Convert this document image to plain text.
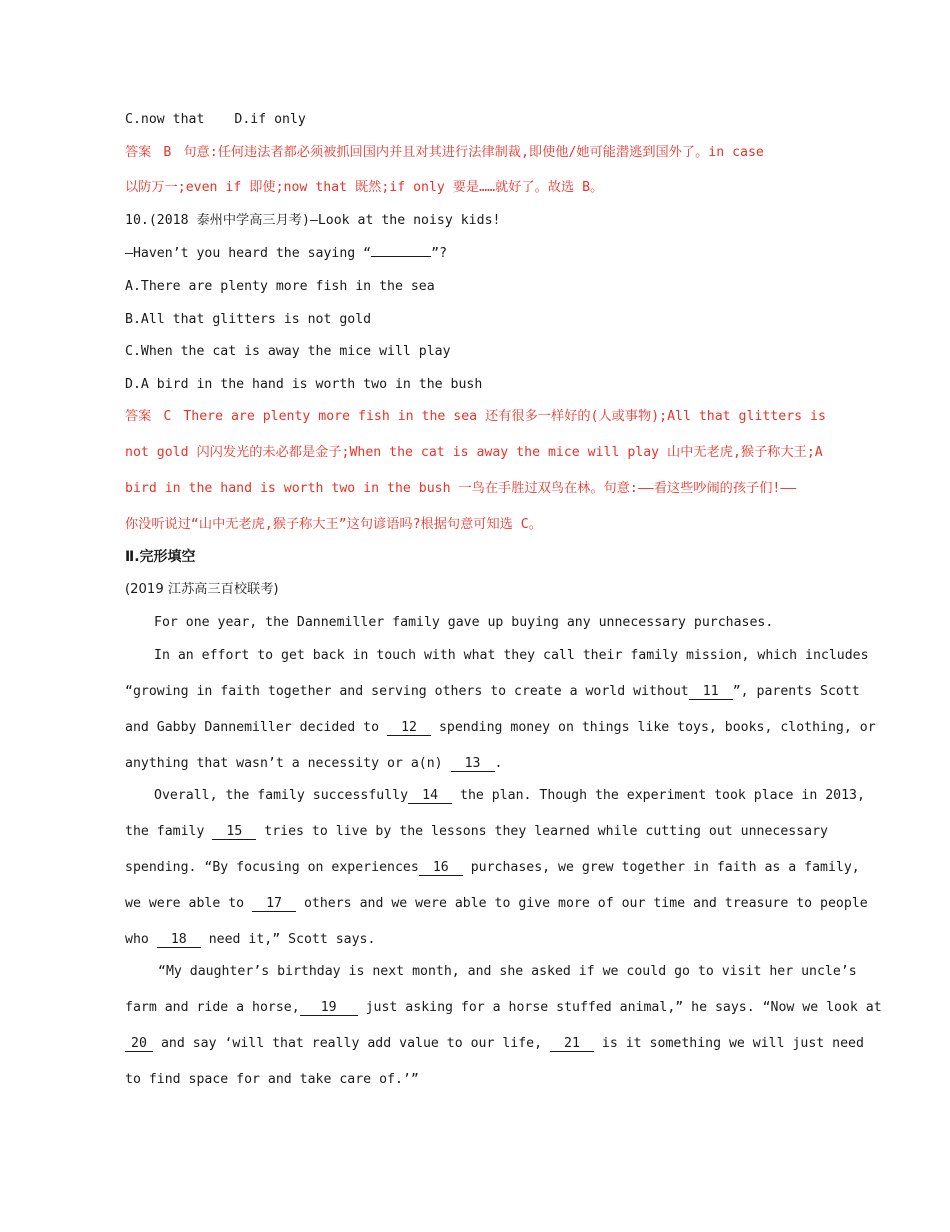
C.now that D.if only
答案 B 句意:任何违法者都必须被抓回国内并且对其进行法律制裁,即使他/她可能潜逃到国外了。in case
以防万一;even if 即使;now that 既然;if only 要是……就好了。故选 B。
10.(2018 泰州中学高三月考)—Look at the noisy kids!
—Haven’t you heard the saying “	”?
A.There are plenty more fish in the sea
B.All that glitters is not gold
C.When the cat is away the mice will play
D.A bird in the hand is worth two in the bush
答案 C There are plenty more fish in the sea 还有很多一样好的(人或事物);All that glitters is
not gold 闪闪发光的未必都是金子;When the cat is away the mice will play 山中无老虎,猴子称大王;A
bird in the hand is worth two in the bush 一鸟在手胜过双鸟在林。句意:——看这些吵闹的孩子们!——
你没听说过“山中无老虎,猴子称大王”这句谚语吗?根据句意可知选 C。
Ⅱ.完形填空
(2019 江苏高三百校联考)
For one year, the Dannemiller family gave up buying any unnecessary purchases.
In an effort to get back in touch with what they call their family mission, which includes
“growing in faith together and serving others to create a world without 11 ”, parents Scott
and Gabby Dannemiller decided to 12 spending money on things like toys, books, clothing, or
anything that wasn’t a necessity or a(n) 13 .
Overall, the family successfully 14 the plan. Though the experiment took place in 2013,
the family 15 tries to live by the lessons they learned while cutting out unnecessary
spending. “By focusing on experiences 16 purchases, we grew together in faith as a family,
we were able to 17 others and we were able to give more of our time and treasure to people
who 18 need it,” Scott says.
“My daughter’s birthday is next month, and she asked if we could go to visit her uncle’s
farm and ride a horse, 19 just asking for a horse stuffed animal,” he says. “Now we look at
20 and say ‘will that really add value to our life, 21 is it something we will just need
to find space for and take care of.’”
